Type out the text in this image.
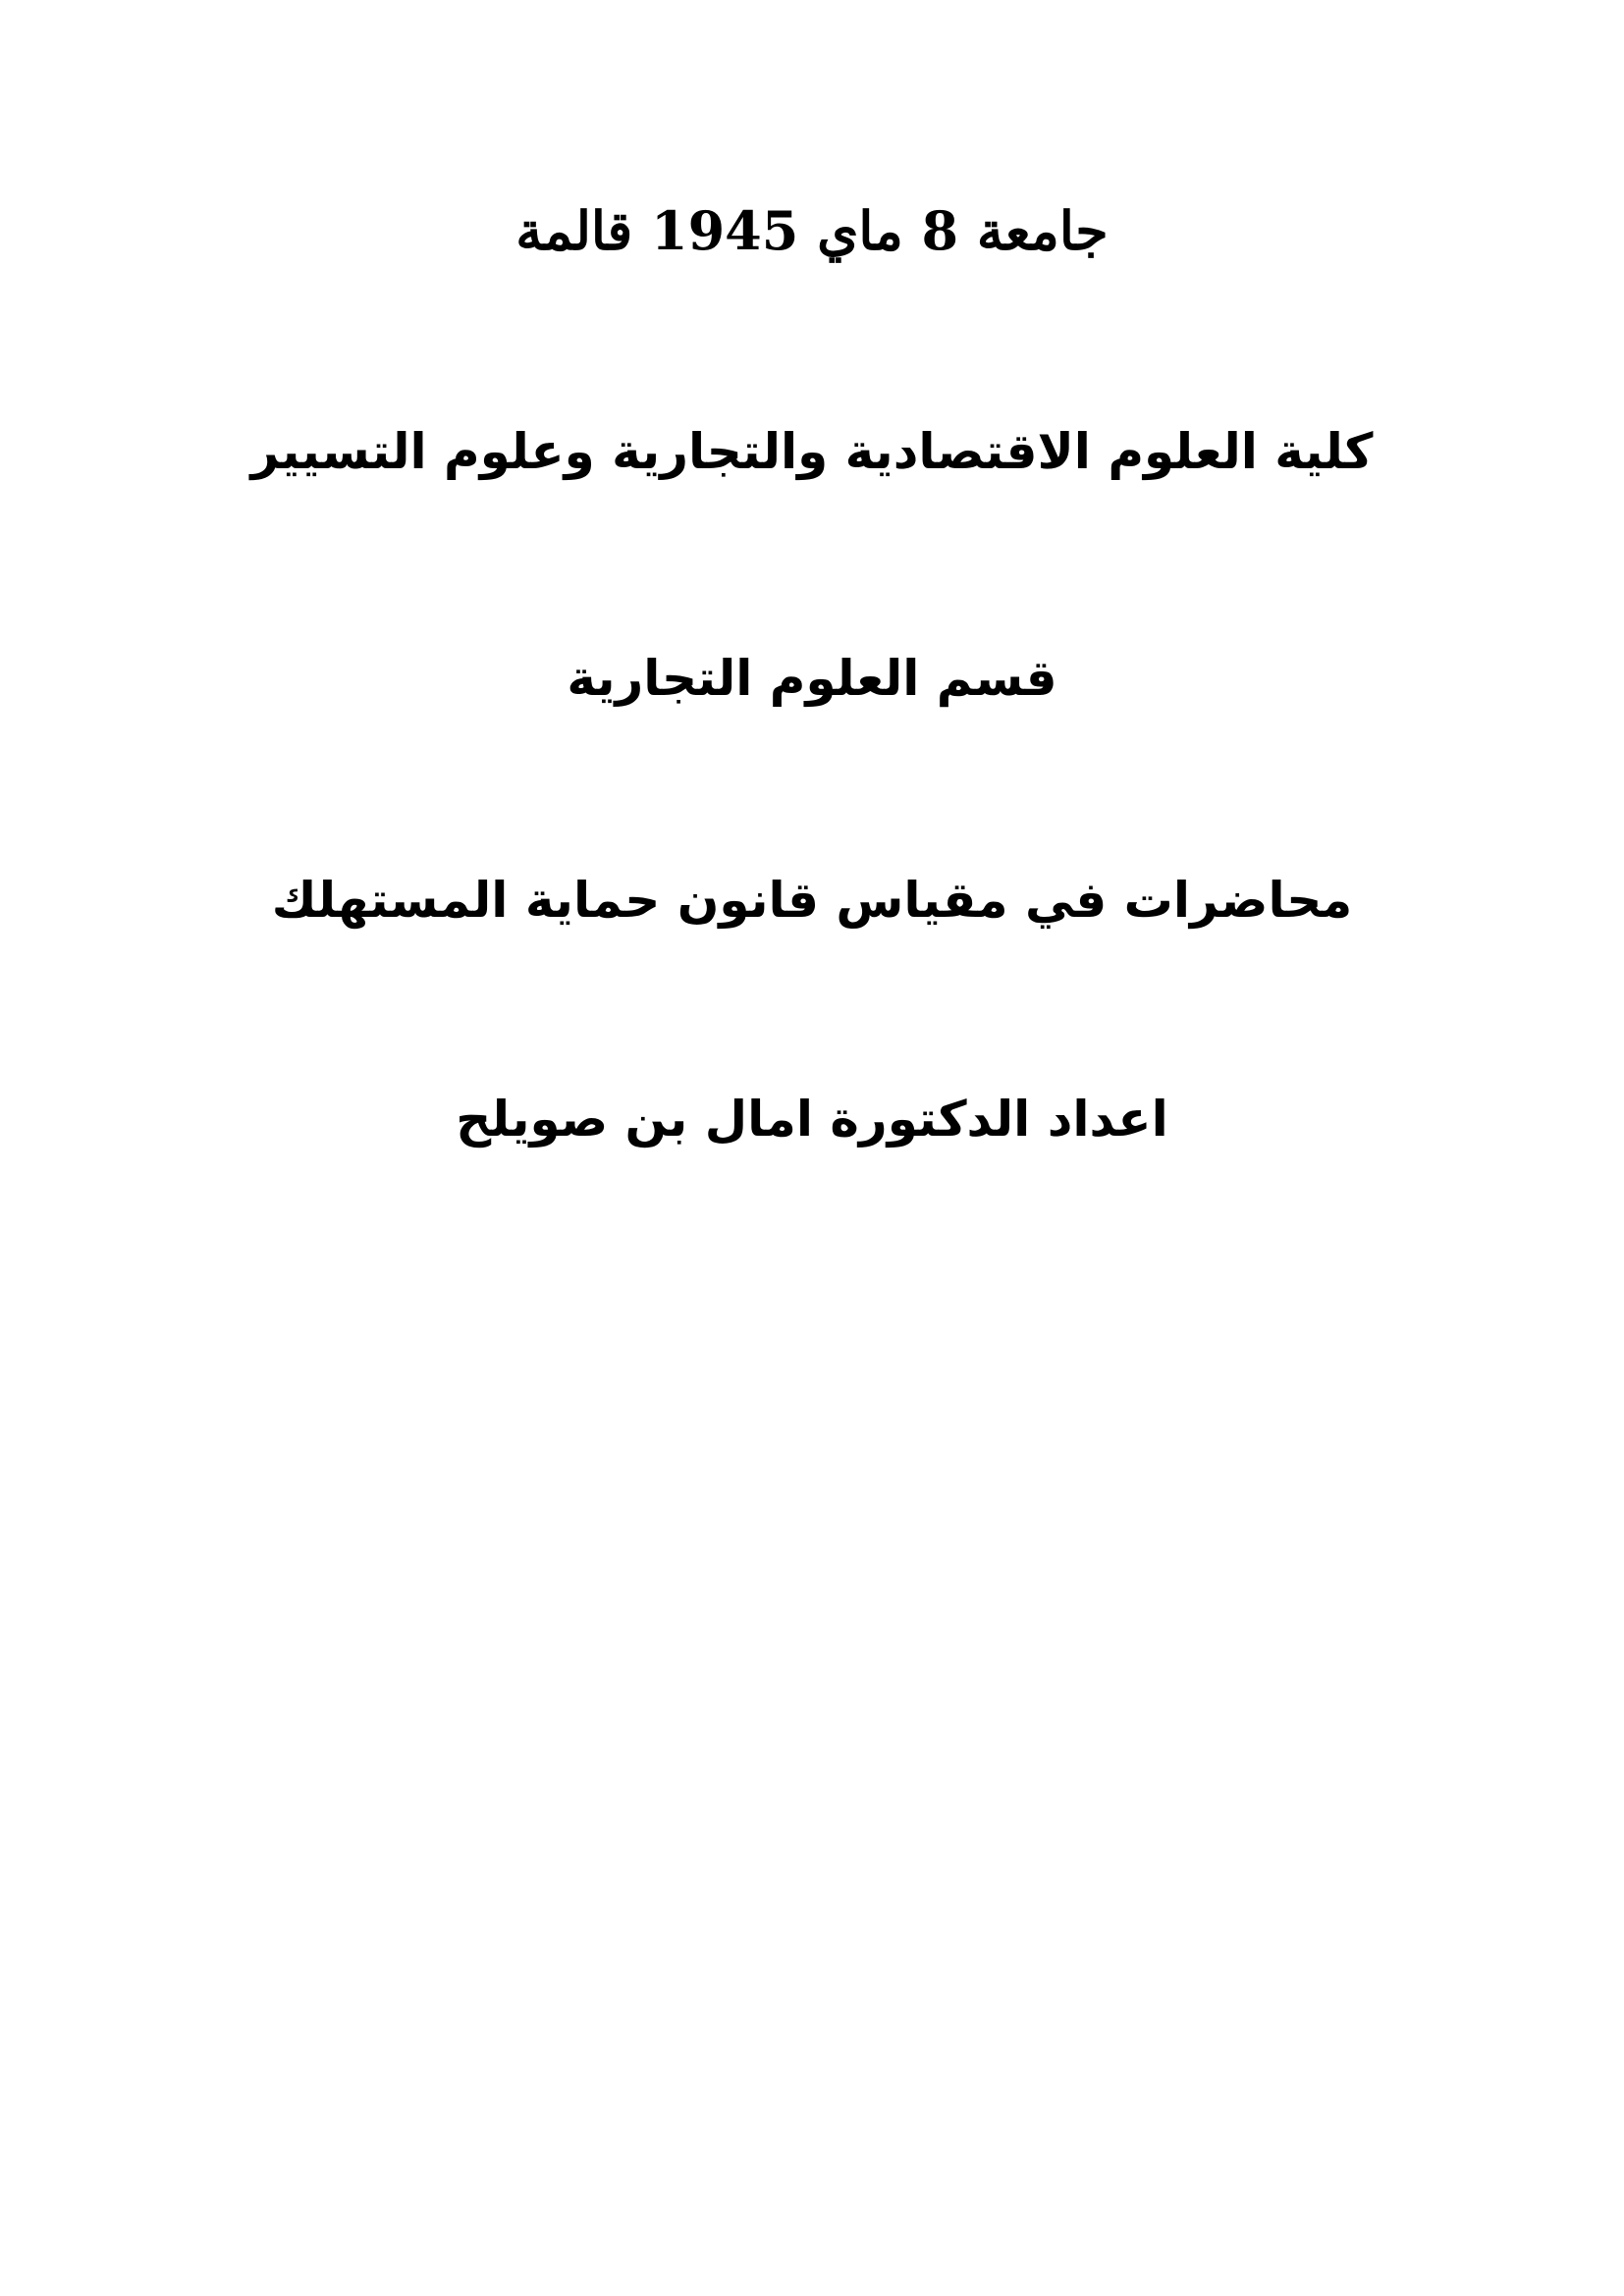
جامعة 8 ماي 1945 قالمة
كلية العلوم الاقتصادية والتجارية وعلوم التسيير
قسم العلوم التجارية
محاضرات في مقياس قانون حماية المستهلك
اعداد الدكتورة امال بن صويلح
